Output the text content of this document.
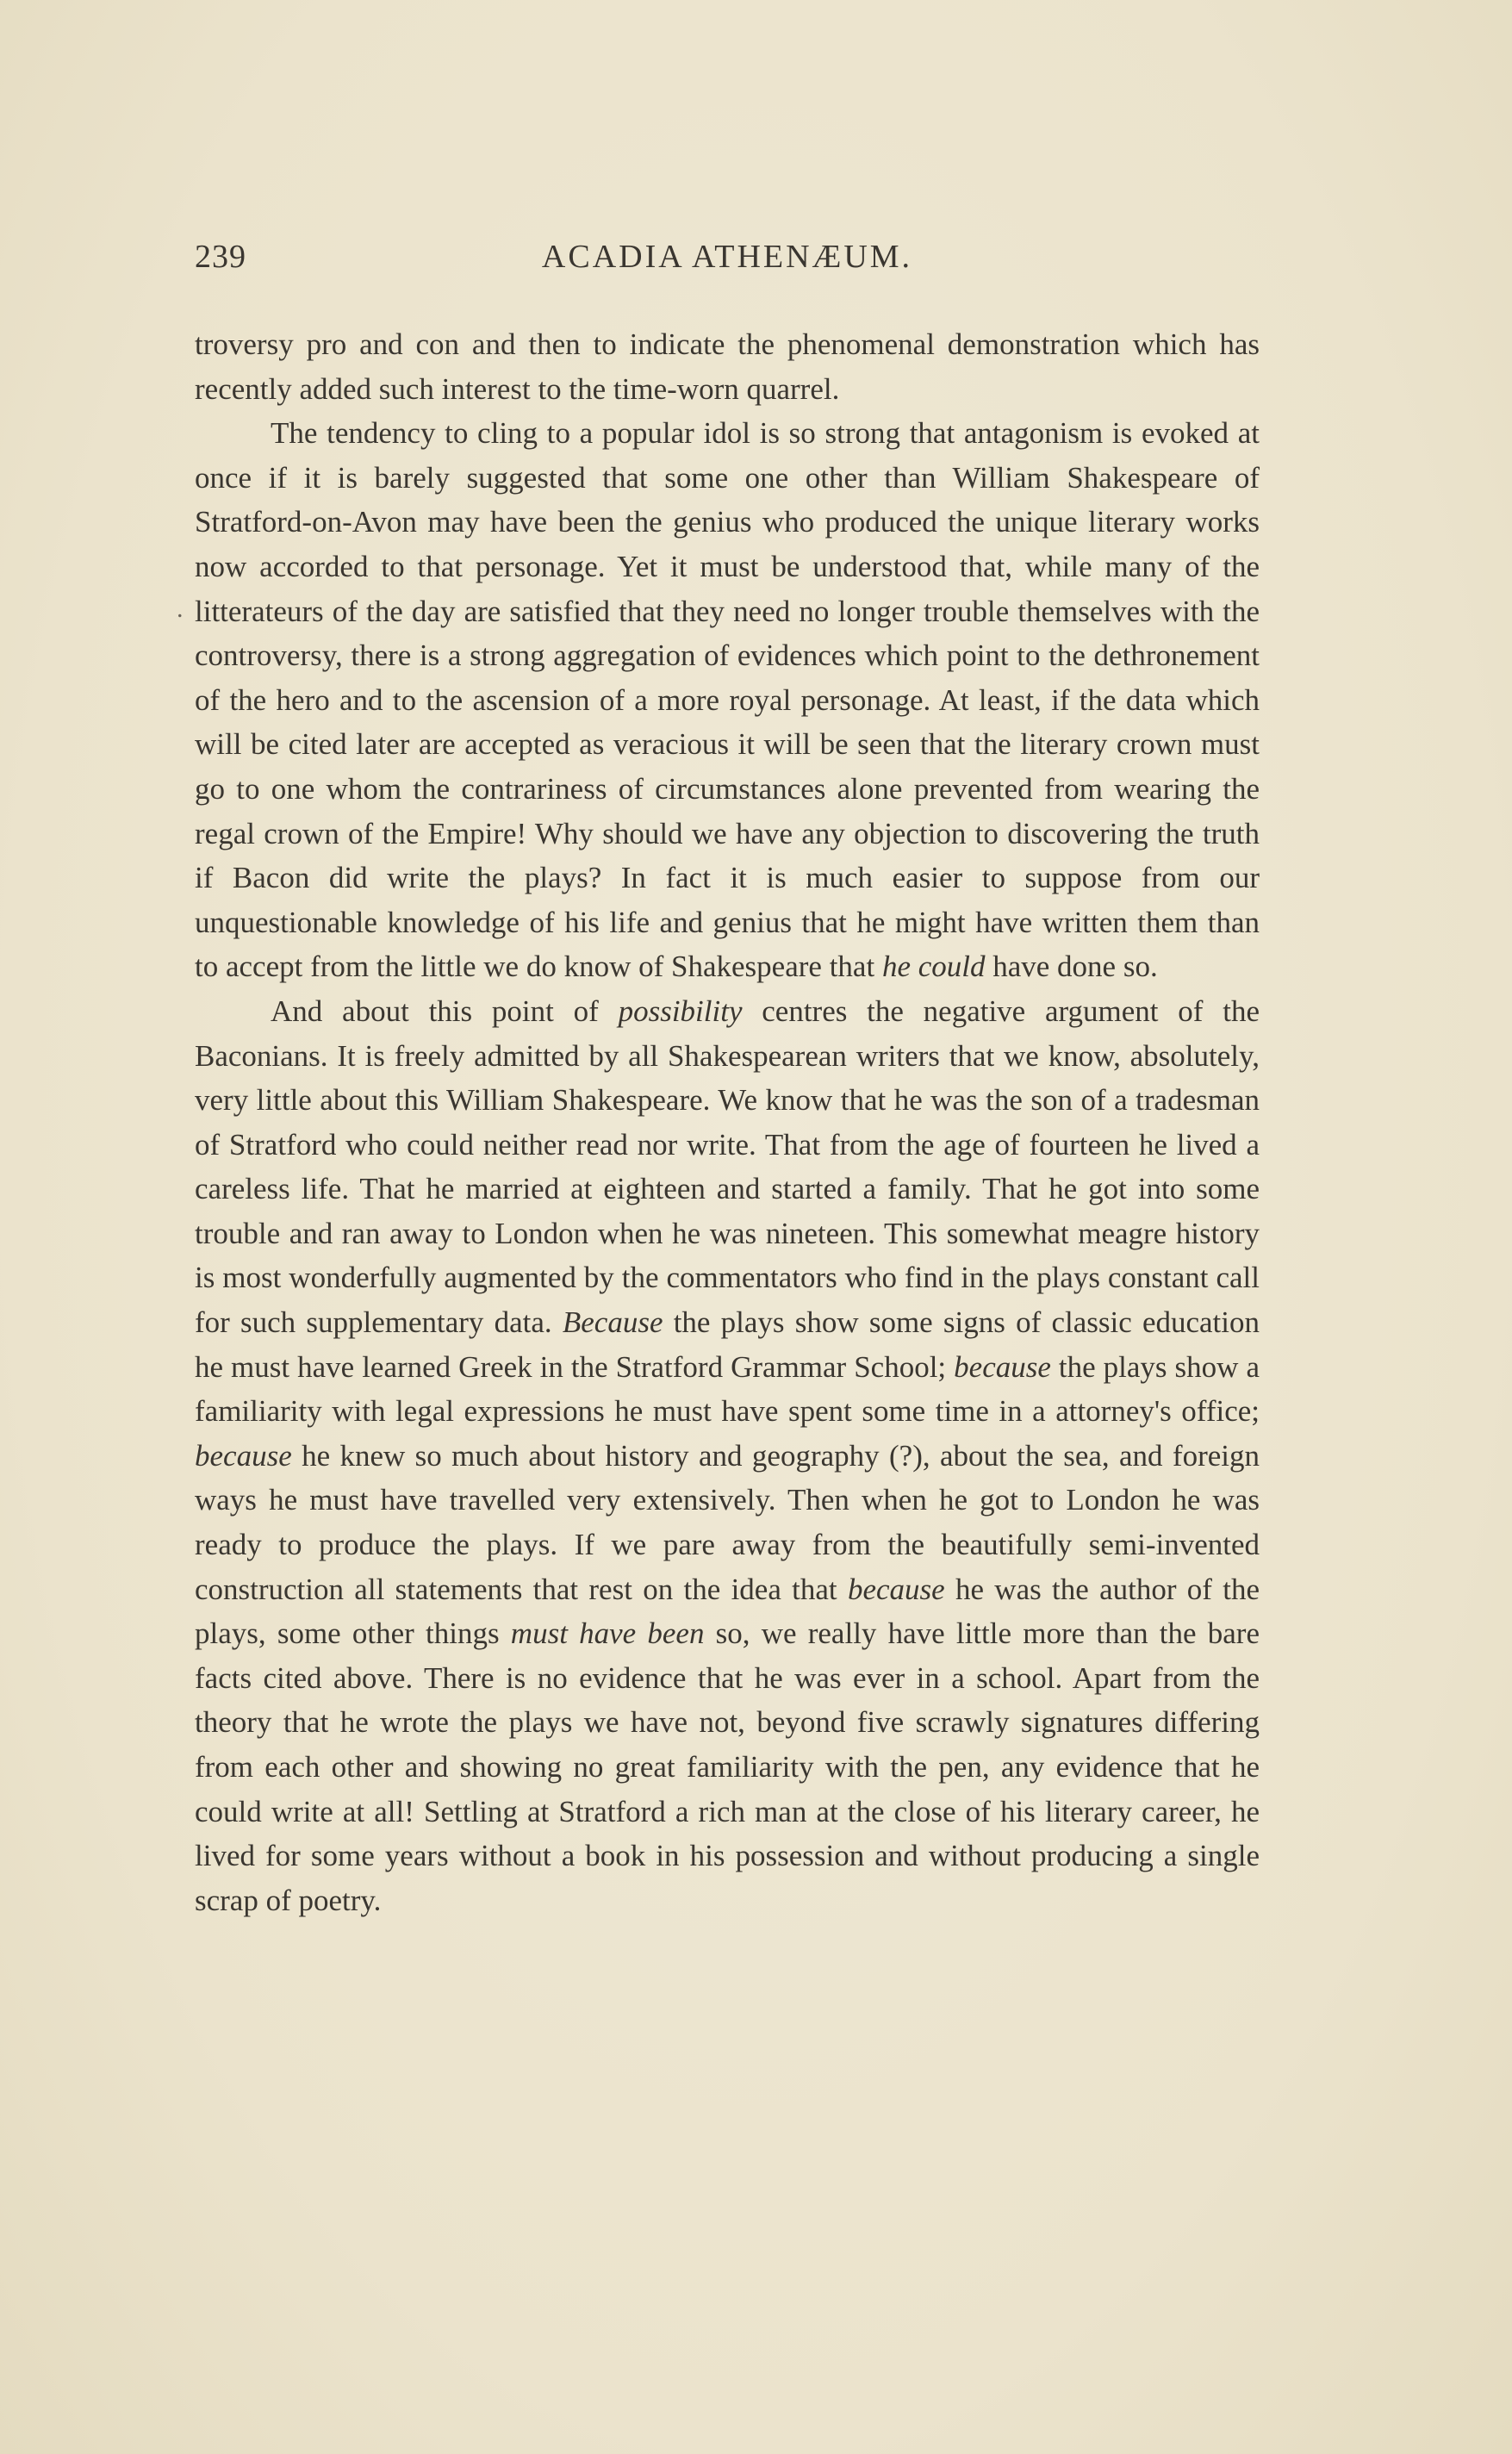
239	ACADIA ATHENÆUM.
.

troversy pro and con and then to indicate the phenomenal demonstration which has recently added such interest to the time-worn quarrel.

The tendency to cling to a popular idol is so strong that antagonism is evoked at once if it is barely suggested that some one other than William Shakespeare of Stratford-on-Avon may have been the genius who produced the unique literary works now accorded to that personage. Yet it must be understood that, while many of the litterateurs of the day are satisfied that they need no longer trouble themselves with the controversy, there is a strong aggregation of evidences which point to the dethronement of the hero and to the ascension of a more royal personage. At least, if the data which will be cited later are accepted as veracious it will be seen that the literary crown must go to one whom the contrariness of circumstances alone prevented from wearing the regal crown of the Empire! Why should we have any objection to discovering the truth if Bacon did write the plays? In fact it is much easier to suppose from our unquestionable knowledge of his life and genius that he might have written them than to accept from the little we do know of Shakespeare that he could have done so.

And about this point of possibility centres the negative argument of the Baconians. It is freely admitted by all Shakespearean writers that we know, absolutely, very little about this William Shakespeare. We know that he was the son of a tradesman of Stratford who could neither read nor write. That from the age of fourteen he lived a careless life. That he married at eighteen and started a family. That he got into some trouble and ran away to London when he was nineteen. This somewhat meagre history is most wonderfully augmented by the commentators who find in the plays constant call for such supplementary data. Because the plays show some signs of classic education he must have learned Greek in the Stratford Grammar School; because the plays show a familiarity with legal expressions he must have spent some time in a attorney's office; because he knew so much about history and geography (?), about the sea, and foreign ways he must have travelled very extensively. Then when he got to London he was ready to produce the plays. If we pare away from the beautifully semi-invented construction all statements that rest on the idea that because he was the author of the plays, some other things must have been so, we really have little more than the bare facts cited above. There is no evidence that he was ever in a school. Apart from the theory that he wrote the plays we have not, beyond five scrawly signatures differing from each other and showing no great familiarity with the pen, any evidence that he could write at all! Settling at Stratford a rich man at the close of his literary career, he lived for some years without a book in his possession and without producing a single scrap of poetry.
